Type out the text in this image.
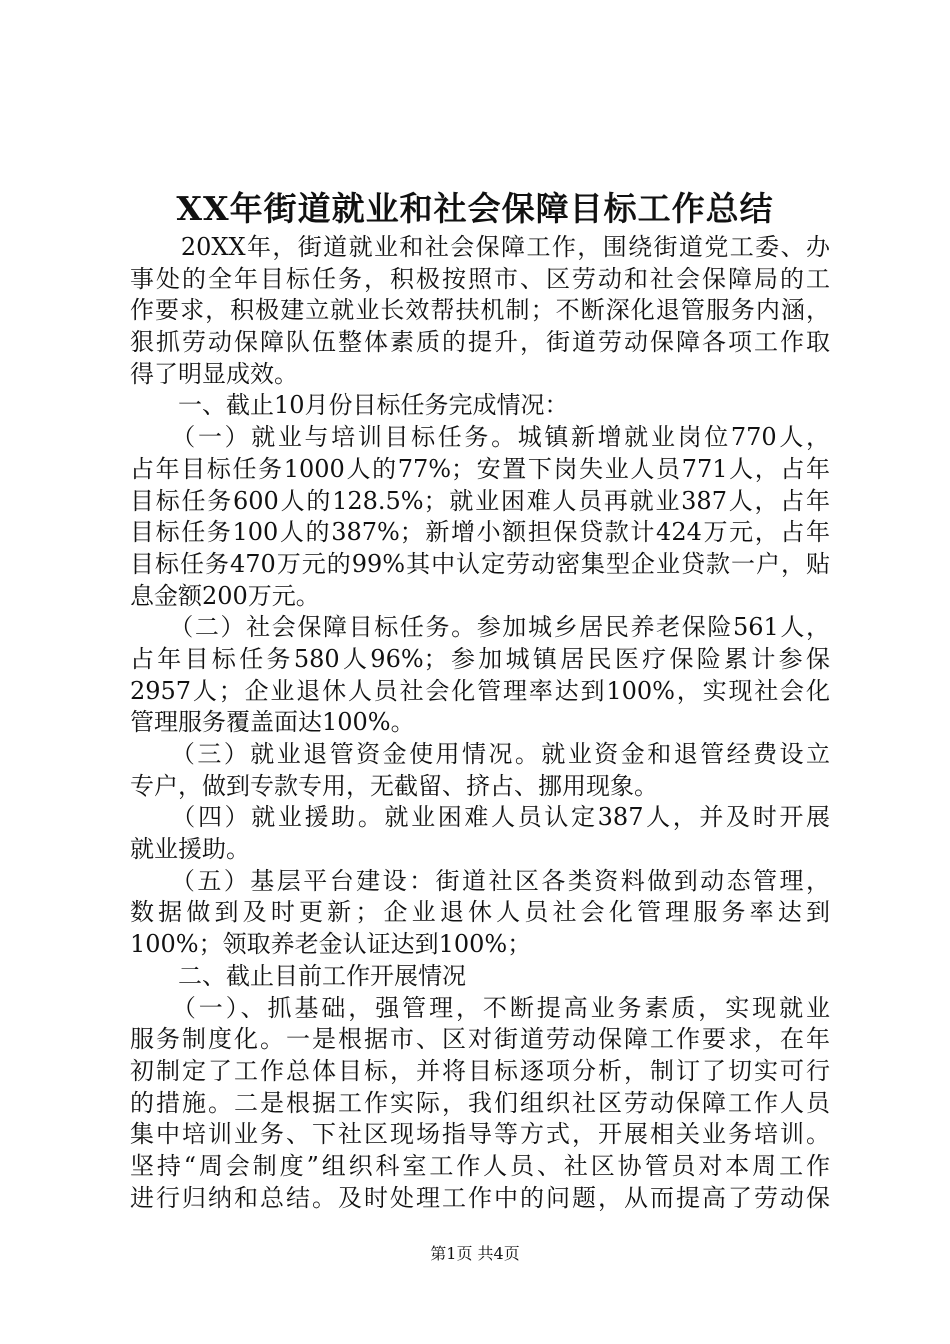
XX年街道就业和社会保障目标工作总结
　　20XX年，街道就业和社会保障工作，围绕街道党工委、办
事处的全年目标任务，积极按照市、区劳动和社会保障局的工
作要求，积极建立就业长效帮扶机制；不断深化退管服务内涵，
狠抓劳动保障队伍整体素质的提升，街道劳动保障各项工作取
得了明显成效。
　　一、截止10月份目标任务完成情况：
　　（一）就业与培训目标任务。城镇新增就业岗位770人，
占年目标任务1000人的77%；安置下岗失业人员771人，占年
目标任务600人的128.5%；就业困难人员再就业387人，占年
目标任务100人的387%；新增小额担保贷款计424万元，占年
目标任务470万元的99%其中认定劳动密集型企业贷款一户，贴
息金额200万元。
　　（二）社会保障目标任务。参加城乡居民养老保险561人，
占年目标任务580人96%；参加城镇居民医疗保险累计参保
2957人；企业退休人员社会化管理率达到100%，实现社会化
管理服务覆盖面达100%。
　　（三）就业退管资金使用情况。就业资金和退管经费设立
专户，做到专款专用，无截留、挤占、挪用现象。
　　（四）就业援助。就业困难人员认定387人，并及时开展
就业援助。
　　（五）基层平台建设：街道社区各类资料做到动态管理，
数据做到及时更新；企业退休人员社会化管理服务率达到
100%；领取养老金认证达到100%；
　　二、截止目前工作开展情况
　　（一）、抓基础，强管理，不断提高业务素质，实现就业
服务制度化。一是根据市、区对街道劳动保障工作要求，在年
初制定了工作总体目标，并将目标逐项分析，制订了切实可行
的措施。二是根据工作实际，我们组织社区劳动保障工作人员
集中培训业务、下社区现场指导等方式，开展相关业务培训。
坚持“周会制度”组织科室工作人员、社区协管员对本周工作
进行归纳和总结。及时处理工作中的问题，从而提高了劳动保
第1页 共4页
